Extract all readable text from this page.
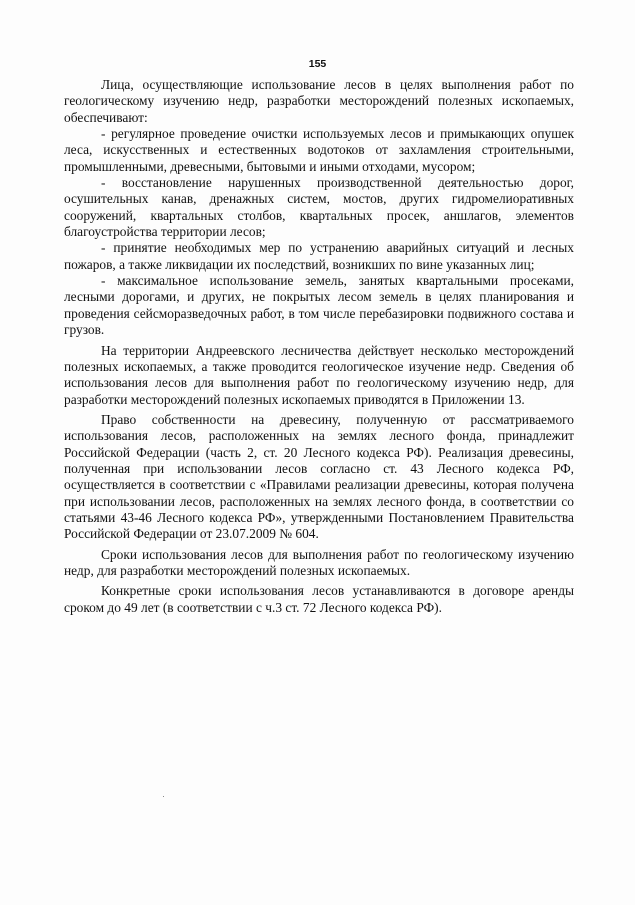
155

Лица, осуществляющие использование лесов в целях выполнения работ по геологическому изучению недр, разработки месторождений полезных ископаемых, обеспечивают:

- регулярное проведение очистки используемых лесов и примыкающих опушек леса, искусственных и естественных водотоков от захламления строительными, промышленными, древесными, бытовыми и иными отходами, мусором;

- восстановление нарушенных производственной деятельностью дорог, осушительных канав, дренажных систем, мостов, других гидромелиоративных сооружений, квартальных столбов, квартальных просек, аншлагов, элементов благоустройства территории лесов;

- принятие необходимых мер по устранению аварийных ситуаций и лесных пожаров, а также ликвидации их последствий, возникших по вине указанных лиц;

- максимальное использование земель, занятых квартальными просеками, лесными дорогами, и других, не покрытых лесом земель в целях планирования и проведения сейсморазведочных работ, в том числе перебазировки подвижного состава и грузов.

На территории Андреевского лесничества действует несколько месторождений полезных ископаемых, а также проводится геологическое изучение недр. Сведения об использования лесов для выполнения работ по геологическому изучению недр, для разработки месторождений полезных ископаемых приводятся в Приложении 13.

Право собственности на древесину, полученную от рассматриваемого использования лесов, расположенных на землях лесного фонда, принадлежит Российской Федерации (часть 2, ст. 20 Лесного кодекса РФ). Реализация древесины, полученная при использовании лесов согласно ст. 43 Лесного кодекса РФ, осуществляется в соответствии с «Правилами реализации древесины, которая получена при использовании лесов, расположенных на землях лесного фонда, в соответствии со статьями 43-46 Лесного кодекса РФ», утвержденными Постановлением Правительства Российской Федерации от 23.07.2009 № 604.

Сроки использования лесов для выполнения работ по геологическому изучению недр, для разработки месторождений полезных ископаемых.

Конкретные сроки использования лесов устанавливаются в договоре аренды сроком до 49 лет (в соответствии с ч.3 ст. 72 Лесного кодекса РФ).
